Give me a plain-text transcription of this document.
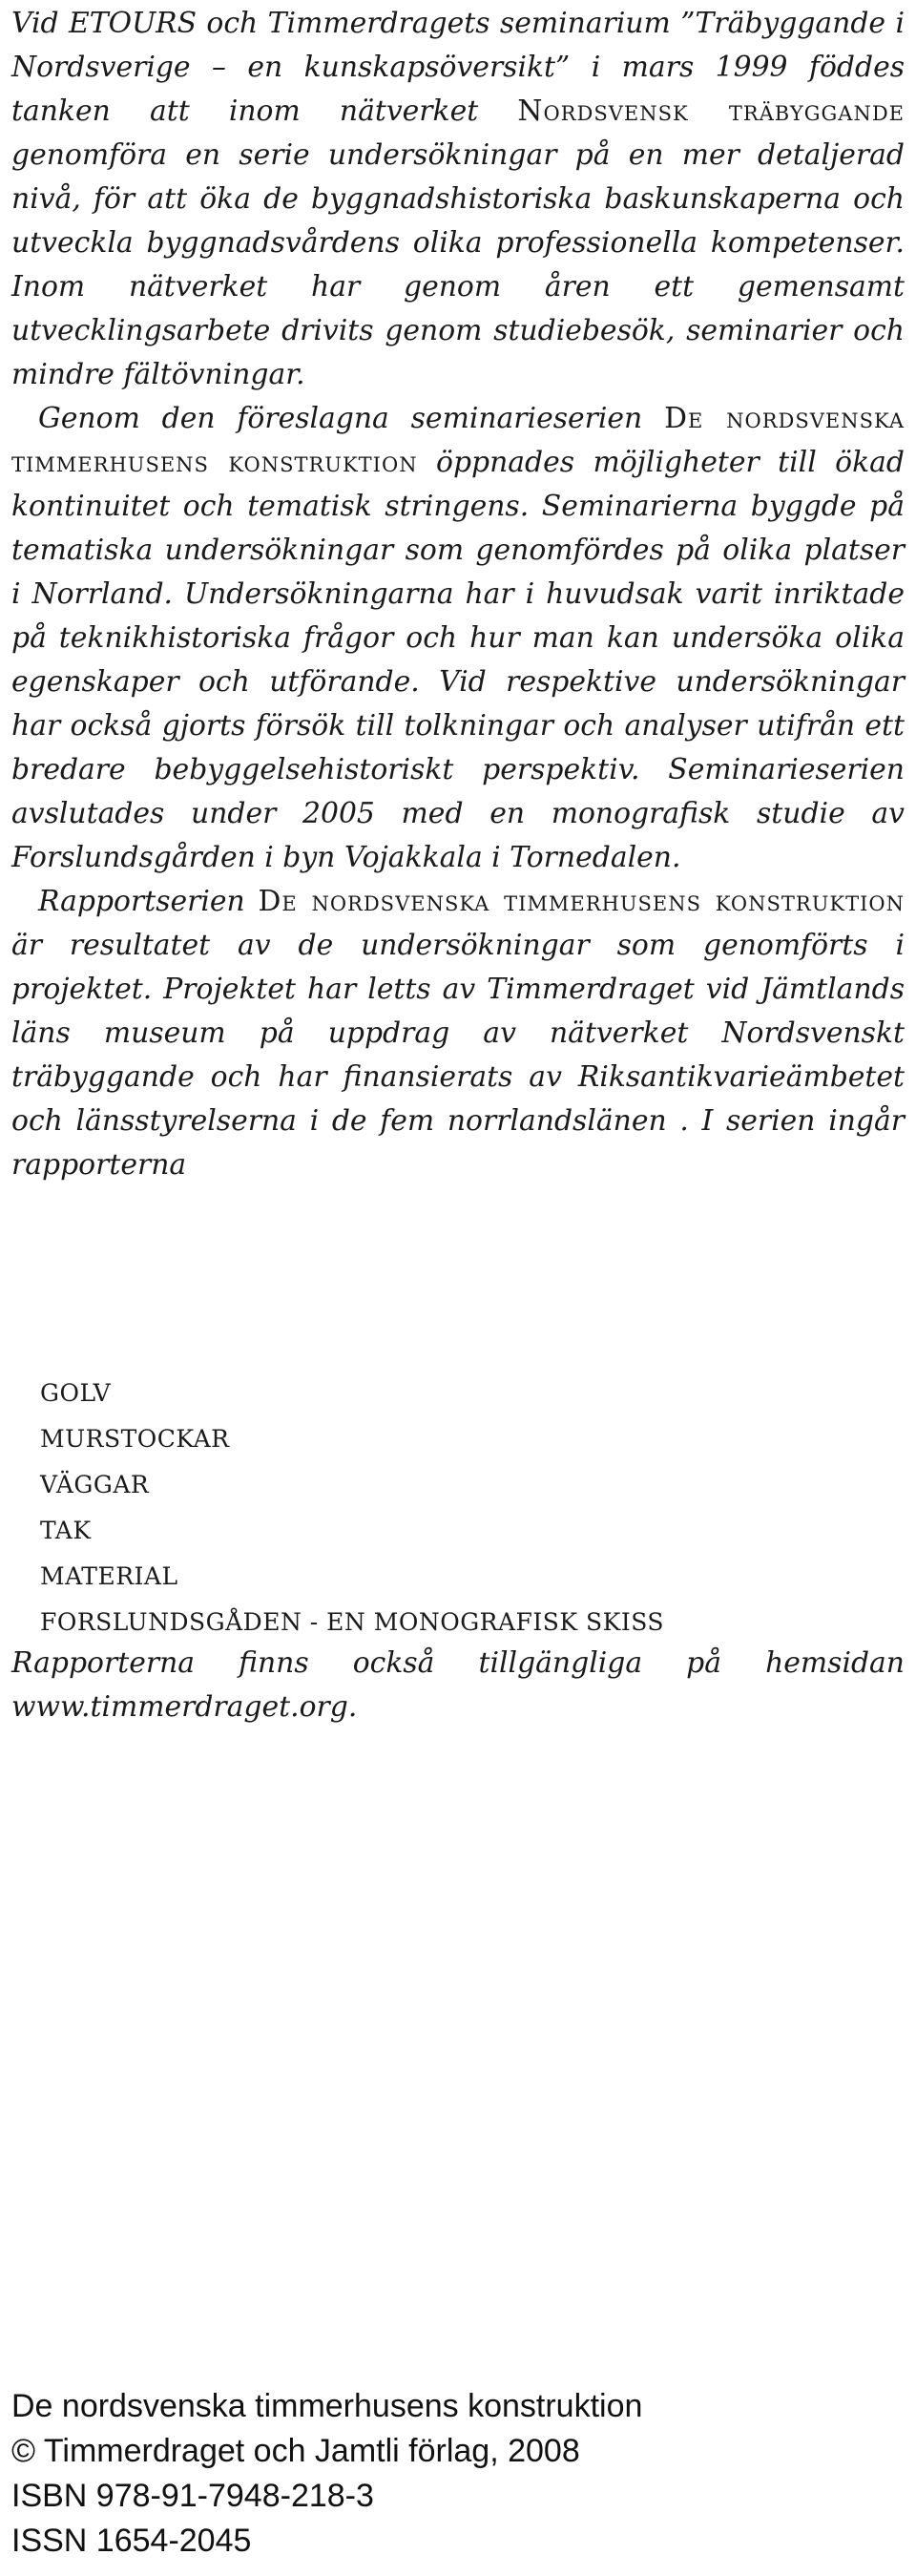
Vid ETOURS och Timmerdragets seminarium ”Träbyggande i Nordsverige – en kunskapsöversikt” i mars 1999 föddes tanken att inom nätverket Nordsvensk träbyggande genomföra en serie undersökningar på en mer detaljerad nivå, för att öka de byggnadshistoriska baskunskaperna och utveckla byggnadsvårdens olika professionella kompetenser. Inom nätverket har genom åren ett gemensamt utvecklingsarbete drivits genom studiebesök, seminarier och mindre fältövningar.

Genom den föreslagna seminarieserien De nordsvenska timmerhusens konstruktion öppnades möjligheter till ökad kontinuitet och tematisk stringens. Seminarierna byggde på tematiska undersökningar som genomfördes på olika platser i Norrland. Undersökningarna har i huvudsak varit inriktade på teknikhistoriska frågor och hur man kan undersöka olika egenskaper och utförande. Vid respektive undersökningar har också gjorts försök till tolkningar och analyser utifrån ett bredare bebyggelsehistoriskt perspektiv. Seminarieserien avslutades under 2005 med en monografisk studie av Forslundsgården i byn Vojakkala i Tornedalen.

Rapportserien De nordsvenska timmerhusens konstruktion är resultatet av de undersökningar som genomförts i projektet. Projektet har letts av Timmerdraget vid Jämtlands läns museum på uppdrag av nätverket Nordsvenskt träbyggande och har finansierats av Riksantikvarieämbetet och länsstyrelserna i de fem norrlandslänen . I serien ingår rapporterna

GOLV
MURSTOCKAR
VÄGGAR
TAK
MATERIAL
FORSLUNDSGÅDEN - EN MONOGRAFISK SKISS
Rapporterna finns också tillgängliga på hemsidan www.timmerdraget.org.
De nordsvenska timmerhusens konstruktion
© Timmerdraget och Jamtli förlag, 2008
ISBN 978-91-7948-218-3
ISSN 1654-2045
